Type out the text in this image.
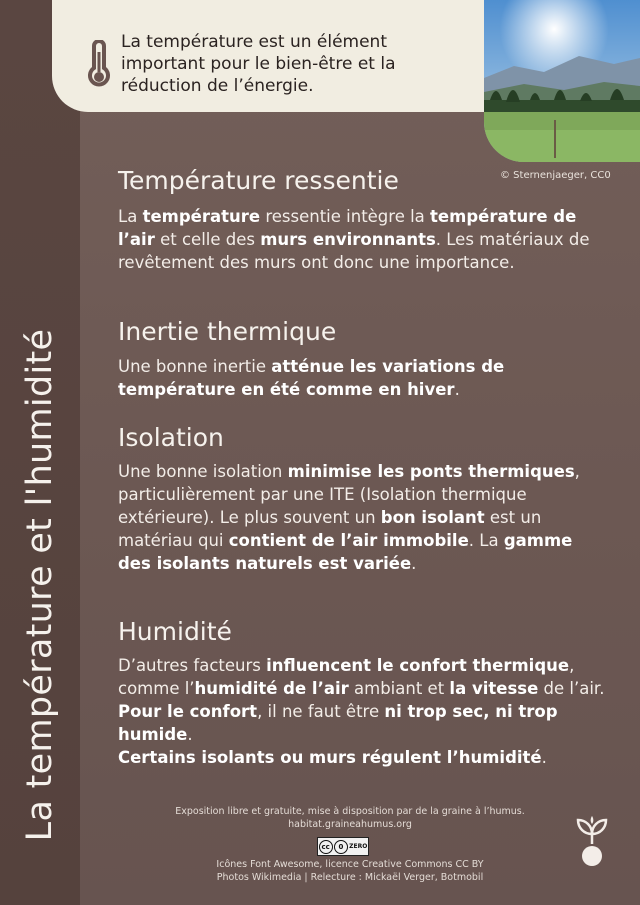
La température est un élément important pour le bien-être et la réduction de l’énergie.
© Sternenjaeger, CC0
La température et l'humidité
Température ressentie

La température ressentie intègre la température de l’air et celle des murs environnants. Les matériaux de revêtement des murs ont donc une importance.

Inertie thermique

Une bonne inertie atténue les variations de température en été comme en hiver.

Isolation

Une bonne isolation minimise les ponts thermiques, particulièrement par une ITE (Isolation thermique extérieure). Le plus souvent un bon isolant est un matériau qui contient de l’air immobile. La gamme des isolants naturels est variée.

Humidité

D’autres facteurs influencent le confort thermique, comme l’humidité de l’air ambiant et la vitesse de l’air.
Pour le confort, il ne faut être ni trop sec, ni trop humide.
Certains isolants ou murs régulent l’humidité.

Exposition libre et gratuite, mise à disposition par de la graine à l’humus.
habitat.graineahumus.org
cc	0 ZERO
Icônes Font Awesome, licence Creative Commons CC BY
Photos Wikimedia | Relecture : Mickaël Verger, Botmobil
